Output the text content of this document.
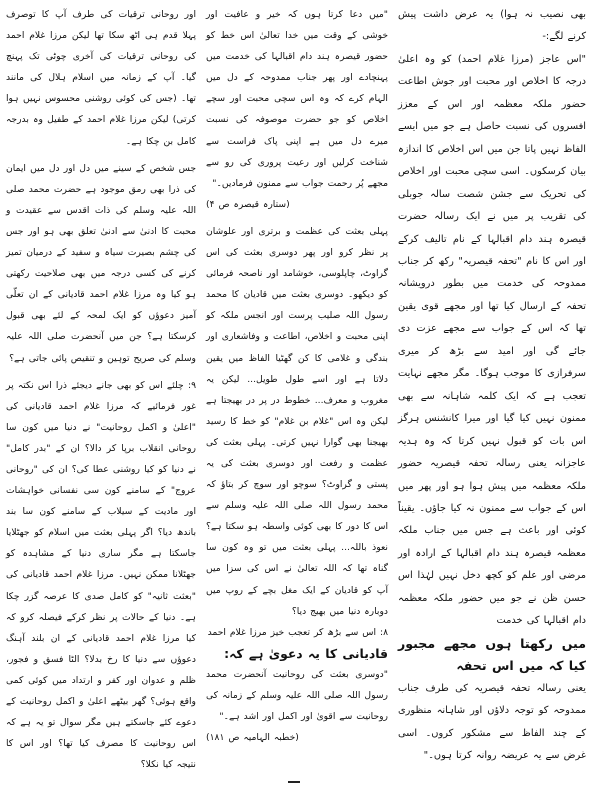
بھی نصیب نہ ہوا) یہ عرض داشت پیش کرنے لگے:-

"اس عاجز (مرزا غلام احمد) کو وہ اعلیٰ درجہ کا اخلاص اور محبت اور جوش اطاعت حضور ملکہ معظمہ اور اس کے معزز افسروں کی نسبت حاصل ہے جو میں ایسے الفاظ نہیں پاتا جن میں اس اخلاص کا اندازہ بیان کرسکوں۔ اسی سچی محبت اور اخلاص کی تحریک سے جشن شصت سالہ جوبلی کی تقریب پر میں نے ایک رسالہ حضرت قیصرہ ہند دام اقبالہا کے نام تالیف کرکے اور اس کا نام "تحفہ قیصریہ" رکھ کر جناب ممدوحہ کی خدمت میں بطور درویشانہ تحفہ کے ارسال کیا تھا اور مجھے قوی یقین تھا کہ اس کے جواب سے مجھے عزت دی جائے گی اور امید سے بڑھ کر میری سرفرازی کا موجب ہوگا۔ مگر مجھے نہایت تعجب ہے کہ ایک کلمہ شاہانہ سے بھی ممنون نہیں کیا گیا اور میرا کانشنس ہرگز اس بات کو قبول نہیں کرتا کہ وہ ہدیہ عاجزانہ یعنی رسالہ تحفہ قیصریہ حضور ملکہ معظمہ میں پیش ہوا ہو اور پھر میں اس کے جواب سے ممنون نہ کیا جاؤں۔ یقیناً کوئی اور باعث ہے جس میں جناب ملکہ معظمہ قیصرہ ہند دام اقبالہا کے ارادہ اور مرضی اور علم کو کچھ دخل نہیں لہٰذا اس حسن ظن نے جو میں حضور ملکہ معظمہ دام اقبالہا کی خدمت

میں رکھتا ہوں مجھے مجبور کیا کہ میں اس تحفہ

یعنی رسالہ تحفہ قیصریہ کی طرف جناب ممدوحہ کو توجہ دلاؤں اور شاہانہ منظوری کے چند الفاظ سے مشکور کروں۔ اسی غرض سے یہ عریضہ روانہ کرتا ہوں۔"

"میں دعا کرتا ہوں کہ خیر و عافیت اور خوشی کے وقت میں خدا تعالیٰ اس خط کو حضور قیصرہ ہند دام اقبالہا کی خدمت میں پہنچادے اور پھر جناب ممدوحہ کے دل میں الہام کرے کہ وہ اس سچی محبت اور سچے اخلاص کو جو حضرت موصوفہ کی نسبت میرے دل میں ہے اپنی پاک فراست سے شناخت کرلیں اور رعیت پروری کی رو سے مجھے پُر رحمت جواب سے ممنون فرمادیں۔"

(ستارہ قیصرہ ص ۴)

پہلی بعثت کی عظمت و برتری اور علوشان پر نظر کرو اور پھر دوسری بعثت کی اس گراوٹ، چاپلوسی، خوشامد اور ناصحہ فرمائی کو دیکھو۔ دوسری بعثت میں قادیان کا محمد رسول اللہ صلیب پرست اور انجس ملکہ کو اپنی محبت و اخلاص، اطاعت و وفاشعاری اور بندگی و غلامی کا کن گھٹیا الفاظ میں یقین دلاتا ہے اور اسے طول طویل... لیکن یہ مغروب و معرف... خطوط در پر در بھیجتا ہے لیکن وہ اس "غلام بن غلام" کو خط کا رسید بھیجنا بھی گوارا نہیں کرتی۔ پہلی بعثت کی عظمت و رفعت اور دوسری بعثت کی یہ پستی و گراوٹ؟ سوچو اور سوچ کر بتاؤ کہ محمد رسول اللہ صلی اللہ علیہ وسلم سے اس کا دور کا بھی کوئی واسطہ ہو سکتا ہے؟ نعوذ باللہ... پہلی بعثت میں تو وہ کون سا گناہ تھا کہ اللہ تعالیٰ نے اس کی سزا میں آپ کو قادیان کے ایک مغل بچے کے روپ میں دوبارہ دنیا میں بھیج دیا؟

۸: اس سے بڑھ کر تعجب خیز مرزا غلام احمد

قادیانی کا یہ دعویٰ ہے کہ:

"دوسری بعثت کی روحانیت آنحضرت محمد رسول اللہ صلی اللہ علیہ وسلم کے زمانہ کی روحانیت سے اقویٰ اور اکمل اور اشد ہے۔"

(خطبہ الہامیہ ص ۱۸۱)

اور روحانی ترقیات کی طرف آپ کا توصرف پہلا قدم ہی اٹھ سکا تھا لیکن مرزا غلام احمد کی روحانی ترقیات کی آخری چوٹی تک پہنچ گیا۔ آپ کے زمانہ میں اسلام ہلال کی مانند تھا۔ (جس کی کوئی روشنی محسوس نہیں ہوا کرتی) لیکن مرزا غلام احمد کے طفیل وہ بدرجہ کامل بن چکا ہے۔

جس شخص کے سینے میں دل اور دل میں ایمان کی ذرا بھی رمق موجود ہے حضرت محمد صلی اللہ علیہ وسلم کی ذات اقدس سے عقیدت و محبت کا ادنیٰ سے ادنیٰ تعلق بھی ہو اور جس کی چشم بصیرت سیاہ و سفید کے درمیان تمیز کرنے کی کسی درجہ میں بھی صلاحیت رکھتی ہو کیا وہ مرزا غلام احمد قادیانی کے ان تعلّی آمیز دعوؤں کو ایک لمحہ کے لئے بھی قبول کرسکتا ہے؟ جن میں آنحضرت صلی اللہ علیہ وسلم کی صریح توہین و تنقیص پائی جاتی ہے؟

۹: چلئے اس کو بھی جانے دیجئے ذرا اس نکتہ پر غور فرمائیے کہ مرزا غلام احمد قادیانی کی "اعلیٰ و اکمل روحانیت" نے دنیا میں کون سا روحانی انقلاب برپا کر دالا؟ ان کے "بدر کامل" نے دنیا کو کیا روشنی عطا کی؟ ان کی "روحانی عروج" کے سامنے کون سی نفسانی خواہشات اور مادیت کے سیلاب کے سامنے کون سا بند باندھ دیا؟ اگر پہلی بعثت میں اسلام کو جھٹلایا جاسکتا ہے مگر ساری دنیا کے مشاہدہ کو جھٹلانا ممکن نہیں۔ مرزا غلام احمد قادیانی کی "بعثت ثانیہ" کو کامل صدی کا عرصہ گزر چکا ہے۔ دنیا کے حالات پر نظر کرکے فیصلہ کرو کہ کیا مرزا غلام احمد قادیانی کے ان بلند آہنگ دعوؤں سے دنیا کا رخ بدلا؟ الٹا فسق و فجور، ظلم و عدوان اور کفر و ارتداد میں کوئی کمی واقع ہوئی؟ گھر بیٹھے اعلیٰ و اکمل روحانیت کے دعوے کئے جاسکتے ہیں مگر سوال تو یہ ہے کہ اس روحانیت کا مصرف کیا تھا؟ اور اس کا نتیجہ کیا نکلا؟
